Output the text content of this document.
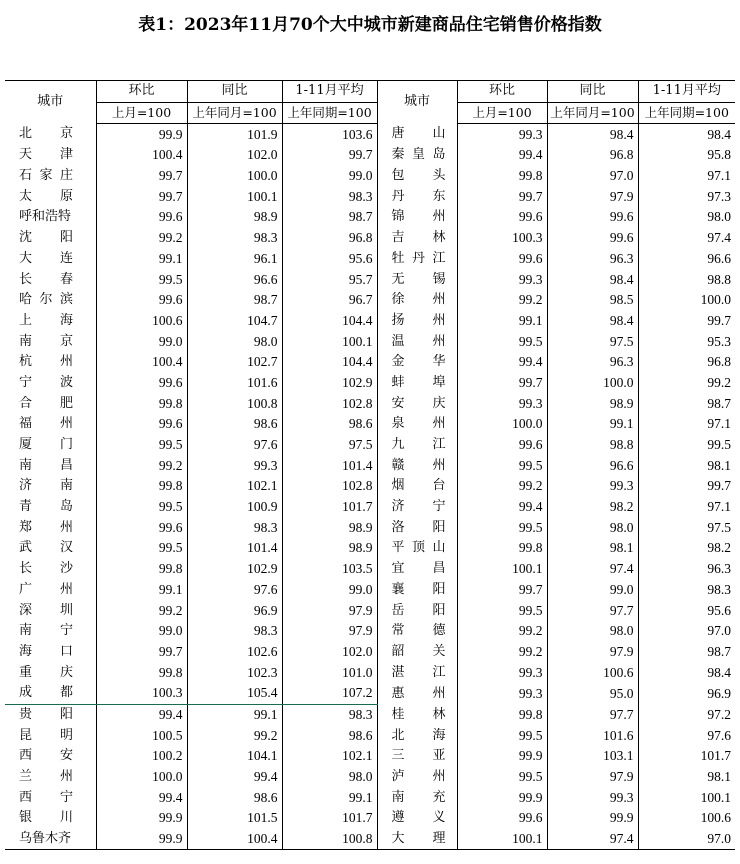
表1：2023年11月70个大中城市新建商品住宅销售价格指数
城市	环比	同比	1-11月平均	城市	环比	同比	1-11月平均
	上月=100	上年同月=100	上年同期=100		上月=100	上年同月=100	上年同期=100

北 京	99.9	101.9	103.6	唐 山	99.3	98.4	98.4

天 津	100.4	102.0	99.7	秦 皇 岛	99.4	96.8	95.8

石 家 庄	99.7	100.0	99.0	包 头	99.8	97.0	97.1

太 原	99.7	100.1	98.3	丹 东	99.7	97.9	97.3
呼和浩特	99.6	98.9	98.7	锦 州	99.6	99.6	98.0

沈 阳	99.2	98.3	96.8	吉 林	100.3	99.6	97.4

大 连	99.1	96.1	95.6	牡 丹 江	99.6	96.3	96.6

长 春	99.5	96.6	95.7	无 锡	99.3	98.4	98.8

哈 尔 滨	99.6	98.7	96.7	徐 州	99.2	98.5	100.0

上 海	100.6	104.7	104.4	扬 州	99.1	98.4	99.7

南 京	99.0	98.0	100.1	温 州	99.5	97.5	95.3

杭 州	100.4	102.7	104.4	金 华	99.4	96.3	96.8

宁 波	99.6	101.6	102.9	蚌 埠	99.7	100.0	99.2

合 肥	99.8	100.8	102.8	安 庆	99.3	98.9	98.7

福 州	99.6	98.6	98.6	泉 州	100.0	99.1	97.1

厦 门	99.5	97.6	97.5	九 江	99.6	98.8	99.5

南 昌	99.2	99.3	101.4	赣 州	99.5	96.6	98.1

济 南	99.8	102.1	102.8	烟 台	99.2	99.3	99.7

青 岛	99.5	100.9	101.7	济 宁	99.4	98.2	97.1

郑 州	99.6	98.3	98.9	洛 阳	99.5	98.0	97.5

武 汉	99.5	101.4	98.9	平 顶 山	99.8	98.1	98.2

长 沙	99.8	102.9	103.5	宜 昌	100.1	97.4	96.3

广 州	99.1	97.6	99.0	襄 阳	99.7	99.0	98.3

深 圳	99.2	96.9	97.9	岳 阳	99.5	97.7	95.6

南 宁	99.0	98.3	97.9	常 德	99.2	98.0	97.0

海 口	99.7	102.6	102.0	韶 关	99.2	97.9	98.7

重 庆	99.8	102.3	101.0	湛 江	99.3	100.6	98.4

成 都	100.3	105.4	107.2	惠 州	99.3	95.0	96.9

贵 阳	99.4	99.1	98.3	桂 林	99.8	97.7	97.2

昆 明	100.5	99.2	98.6	北 海	99.5	101.6	97.6

西 安	100.2	104.1	102.1	三 亚	99.9	103.1	101.7

兰 州	100.0	99.4	98.0	泸 州	99.5	97.9	98.1

西 宁	99.4	98.6	99.1	南 充	99.9	99.3	100.1

银 川	99.9	101.5	101.7	遵 义	99.6	99.9	100.6
乌鲁木齐	99.9	100.4	100.8	大 理	100.1	97.4	97.0
